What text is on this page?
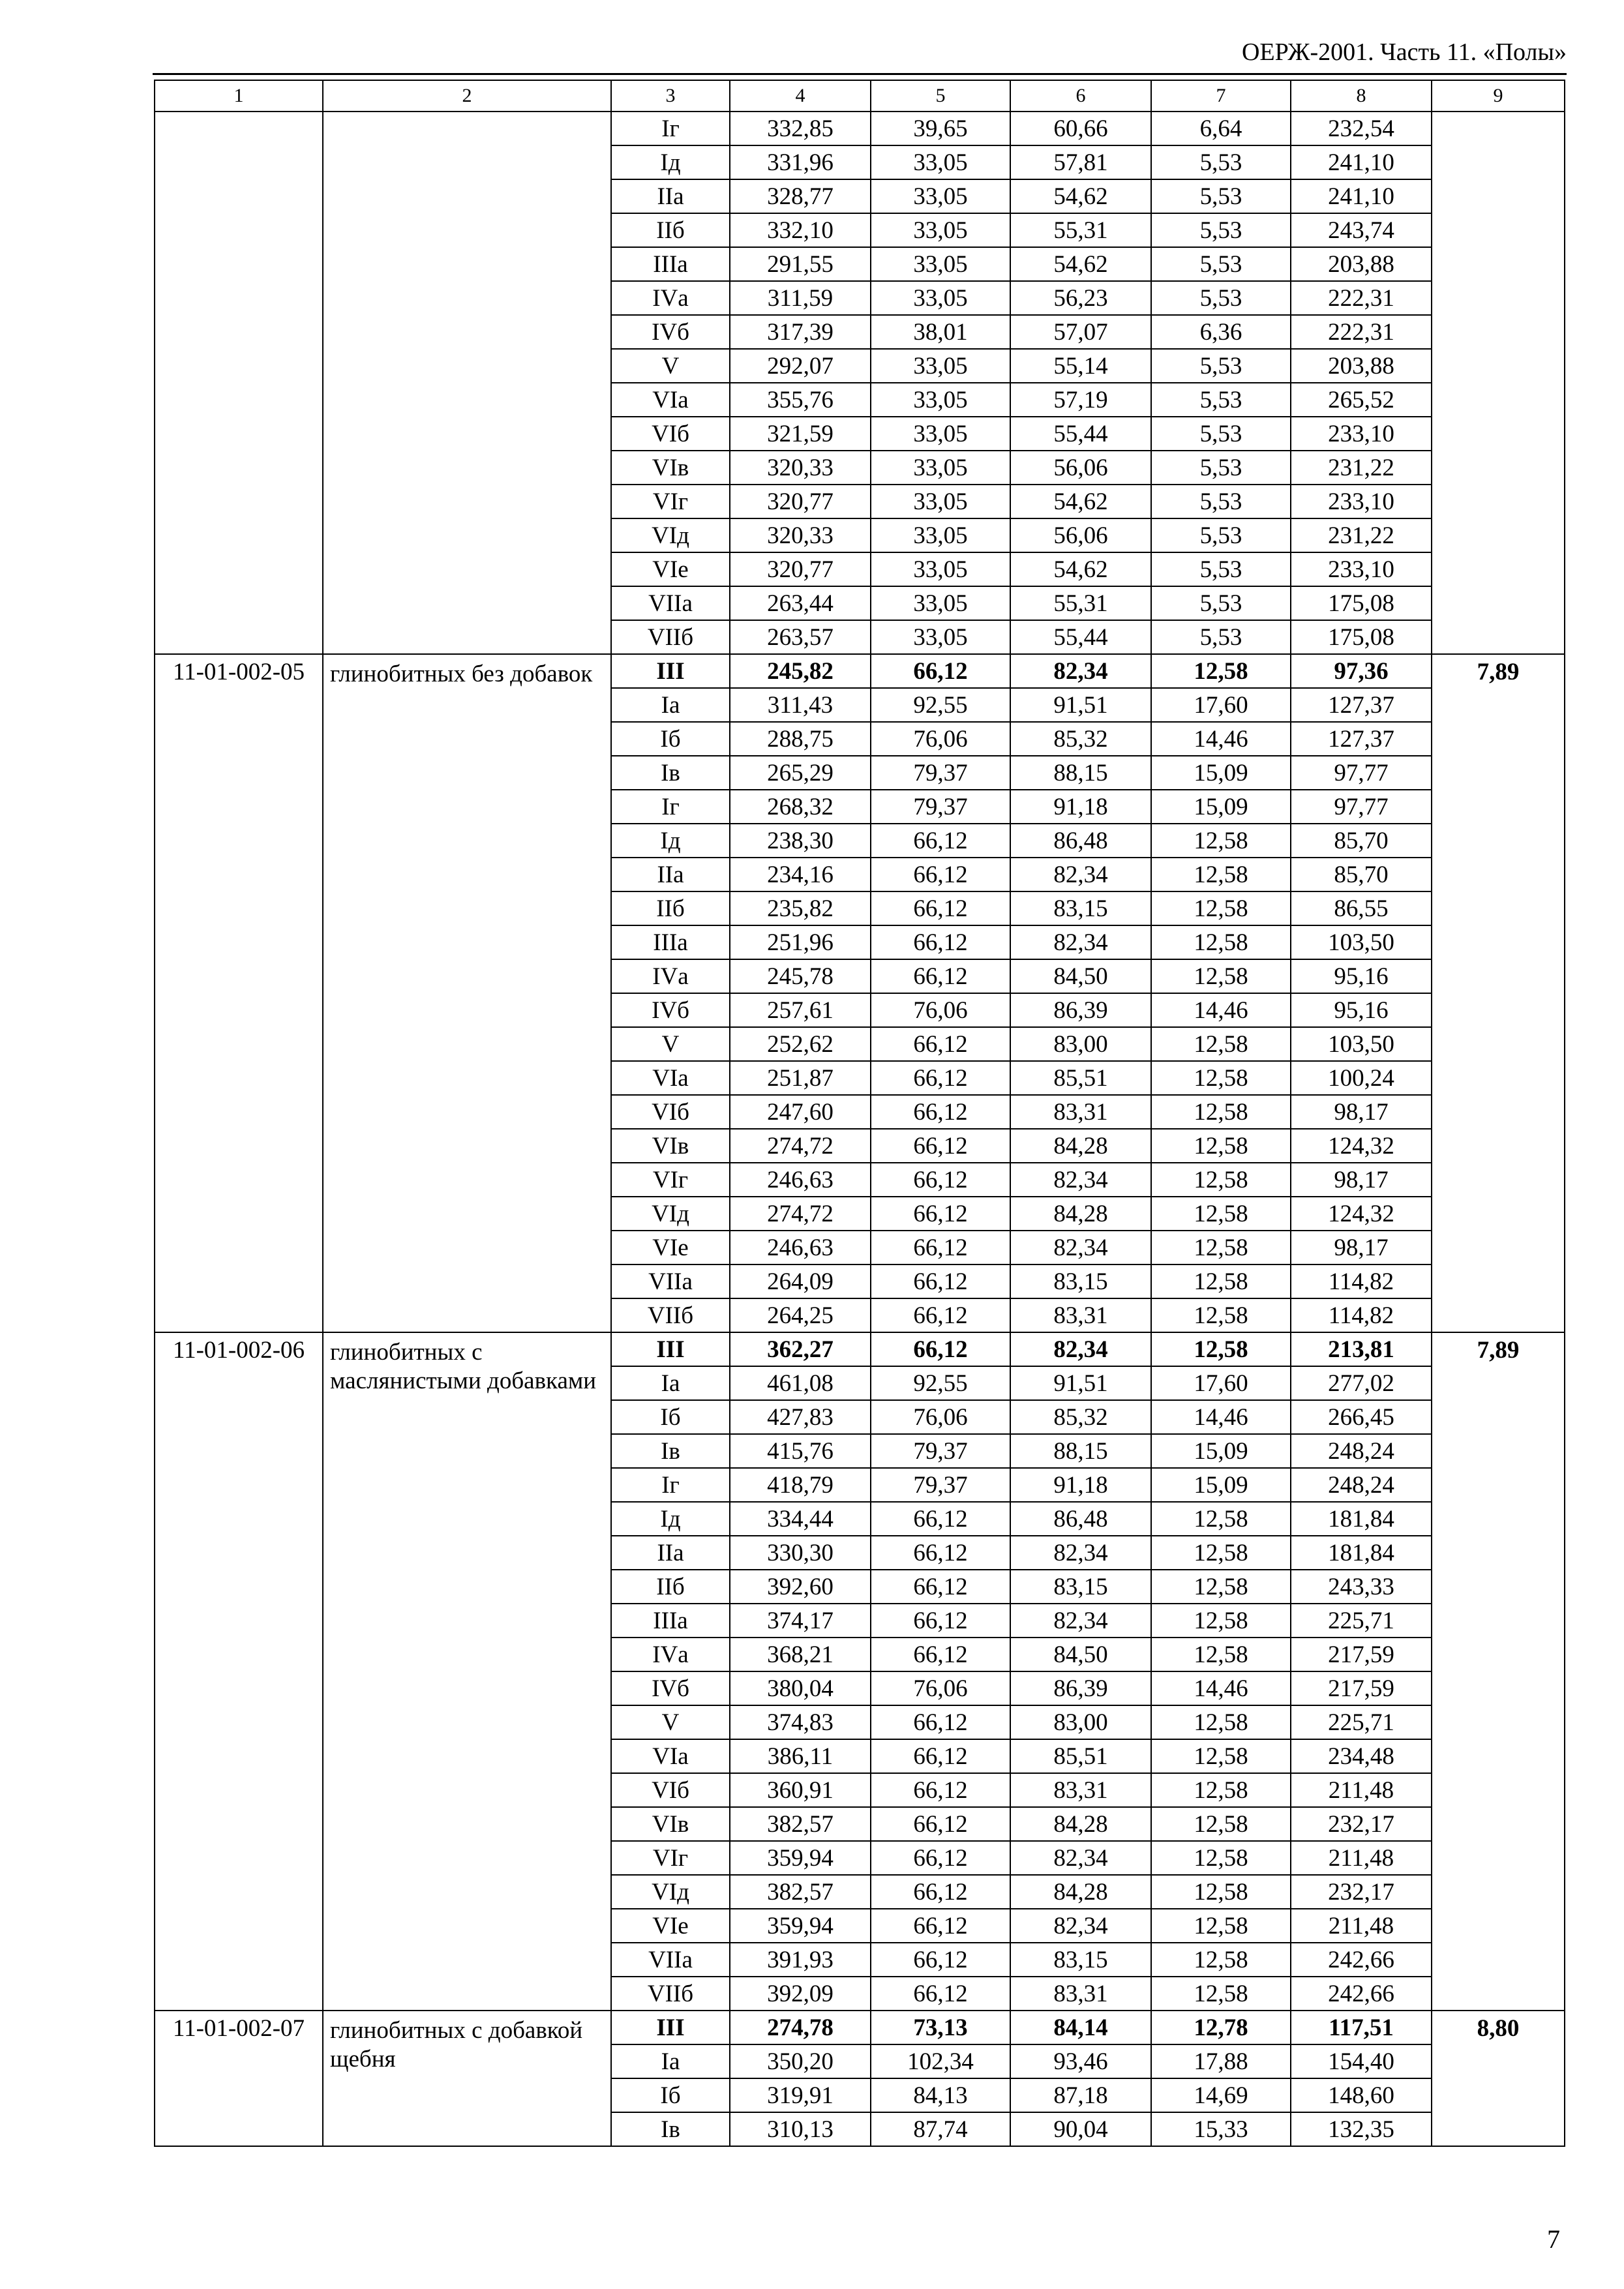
ОЕРЖ-2001. Часть 11. «Полы»
1	2	3	4	5	6	7	8	9
		Iг	332,85	39,65	60,66	6,64	232,54	
		Iд	331,96	33,05	57,81	5,53	241,10	
		IIа	328,77	33,05	54,62	5,53	241,10	
		IIб	332,10	33,05	55,31	5,53	243,74	
		IIIа	291,55	33,05	54,62	5,53	203,88	
		IVа	311,59	33,05	56,23	5,53	222,31	
		IVб	317,39	38,01	57,07	6,36	222,31	
		V	292,07	33,05	55,14	5,53	203,88	
		VIа	355,76	33,05	57,19	5,53	265,52	
		VIб	321,59	33,05	55,44	5,53	233,10	
		VIв	320,33	33,05	56,06	5,53	231,22	
		VIг	320,77	33,05	54,62	5,53	233,10	
		VIд	320,33	33,05	56,06	5,53	231,22	
		VIе	320,77	33,05	54,62	5,53	233,10	
		VIIа	263,44	33,05	55,31	5,53	175,08	
		VIIб	263,57	33,05	55,44	5,53	175,08	
11-01-002-05	глинобитных без добавок	III	245,82	66,12	82,34	12,58	97,36	7,89
		Iа	311,43	92,55	91,51	17,60	127,37	
		Iб	288,75	76,06	85,32	14,46	127,37	
		Iв	265,29	79,37	88,15	15,09	97,77	
		Iг	268,32	79,37	91,18	15,09	97,77	
		Iд	238,30	66,12	86,48	12,58	85,70	
		IIа	234,16	66,12	82,34	12,58	85,70	
		IIб	235,82	66,12	83,15	12,58	86,55	
		IIIа	251,96	66,12	82,34	12,58	103,50	
		IVа	245,78	66,12	84,50	12,58	95,16	
		IVб	257,61	76,06	86,39	14,46	95,16	
		V	252,62	66,12	83,00	12,58	103,50	
		VIа	251,87	66,12	85,51	12,58	100,24	
		VIб	247,60	66,12	83,31	12,58	98,17	
		VIв	274,72	66,12	84,28	12,58	124,32	
		VIг	246,63	66,12	82,34	12,58	98,17	
		VIд	274,72	66,12	84,28	12,58	124,32	
		VIе	246,63	66,12	82,34	12,58	98,17	
		VIIа	264,09	66,12	83,15	12,58	114,82	
		VIIб	264,25	66,12	83,31	12,58	114,82	
11-01-002-06	глинобитных с маслянистыми добавками	III	362,27	66,12	82,34	12,58	213,81	7,89
		Iа	461,08	92,55	91,51	17,60	277,02	
		Iб	427,83	76,06	85,32	14,46	266,45	
		Iв	415,76	79,37	88,15	15,09	248,24	
		Iг	418,79	79,37	91,18	15,09	248,24	
		Iд	334,44	66,12	86,48	12,58	181,84	
		IIа	330,30	66,12	82,34	12,58	181,84	
		IIб	392,60	66,12	83,15	12,58	243,33	
		IIIа	374,17	66,12	82,34	12,58	225,71	
		IVа	368,21	66,12	84,50	12,58	217,59	
		IVб	380,04	76,06	86,39	14,46	217,59	
		V	374,83	66,12	83,00	12,58	225,71	
		VIа	386,11	66,12	85,51	12,58	234,48	
		VIб	360,91	66,12	83,31	12,58	211,48	
		VIв	382,57	66,12	84,28	12,58	232,17	
		VIг	359,94	66,12	82,34	12,58	211,48	
		VIд	382,57	66,12	84,28	12,58	232,17	
		VIе	359,94	66,12	82,34	12,58	211,48	
		VIIа	391,93	66,12	83,15	12,58	242,66	
		VIIб	392,09	66,12	83,31	12,58	242,66	
11-01-002-07	глинобитных с добавкой щебня	III	274,78	73,13	84,14	12,78	117,51	8,80
		Iа	350,20	102,34	93,46	17,88	154,40	
		Iб	319,91	84,13	87,18	14,69	148,60	
		Iв	310,13	87,74	90,04	15,33	132,35	
7
